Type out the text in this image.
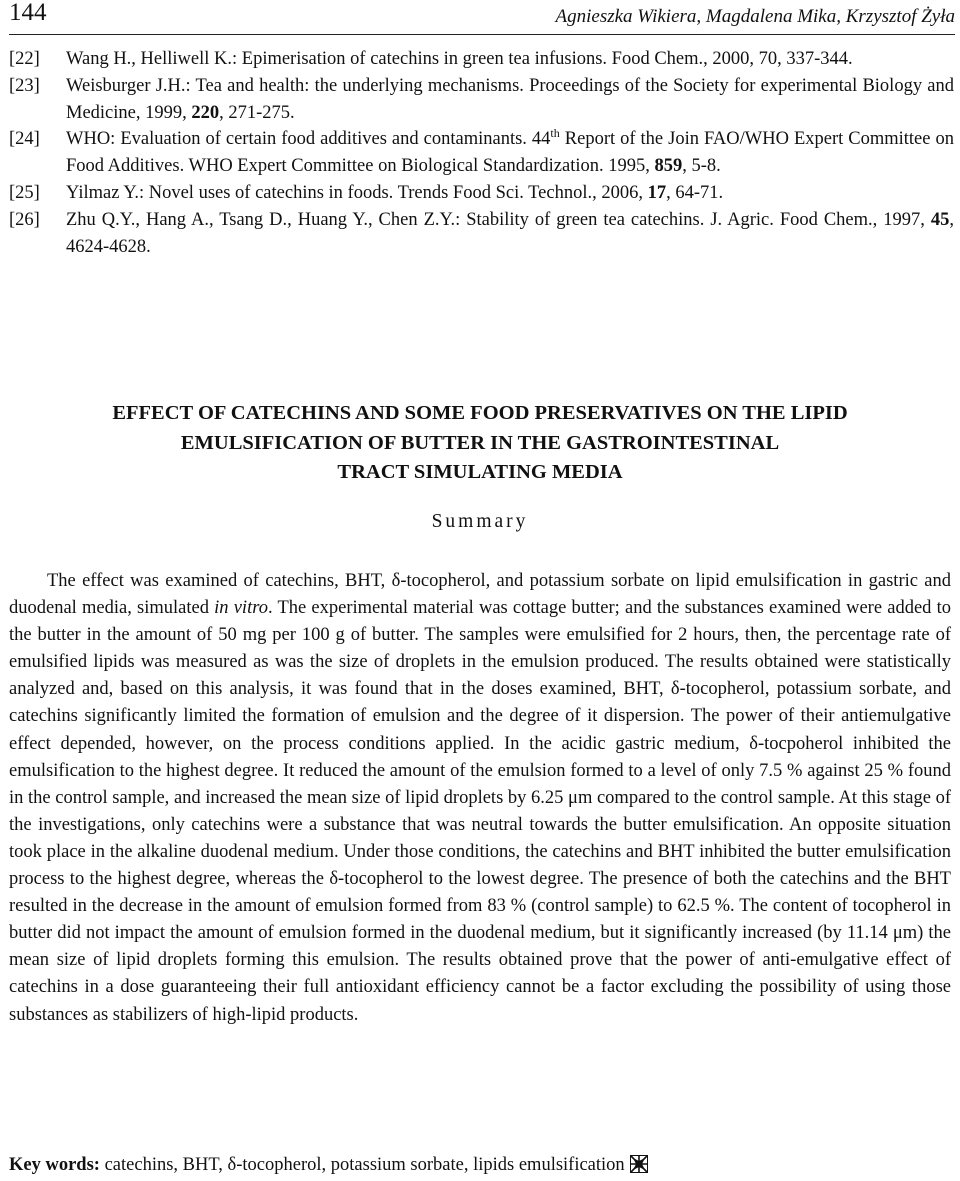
144	Agnieszka Wikiera, Magdalena Mika, Krzysztof Żyła

[22] Wang H., Helliwell K.: Epimerisation of catechins in green tea infusions. Food Chem., 2000, 70, 337-344.

[23] Weisburger J.H.: Tea and health: the underlying mechanisms. Proceedings of the Society for experimental Biology and Medicine, 1999, 220, 271-275.

[24] WHO: Evaluation of certain food additives and contaminants. 44th Report of the Join FAO/WHO Expert Committee on Food Additives. WHO Expert Committee on Biological Standardization. 1995, 859, 5-8.

[25] Yilmaz Y.: Novel uses of catechins in foods. Trends Food Sci. Technol., 2006, 17, 64-71.

[26] Zhu Q.Y., Hang A., Tsang D., Huang Y., Chen Z.Y.: Stability of green tea catechins. J. Agric. Food Chem., 1997, 45, 4624-4628.

EFFECT OF CATECHINS AND SOME FOOD PRESERVATIVES ON THE LIPID
EMULSIFICATION OF BUTTER IN THE GASTROINTESTINAL
TRACT SIMULATING MEDIA
Summary

The effect was examined of catechins, BHT, δ-tocopherol, and potassium sorbate on lipid emulsification in gastric and duodenal media, simulated in vitro. The experimental material was cottage butter; and the substances examined were added to the butter in the amount of 50 mg per 100 g of butter. The samples were emulsified for 2 hours, then, the percentage rate of emulsified lipids was measured as was the size of droplets in the emulsion produced. The results obtained were statistically analyzed and, based on this analysis, it was found that in the doses examined, BHT, δ-tocopherol, potassium sorbate, and catechins significantly limited the formation of emulsion and the degree of it dispersion. The power of their antiemulgative effect depended, however, on the process conditions applied. In the acidic gastric medium, δ-tocpoherol inhibited the emulsification to the highest degree. It reduced the amount of the emulsion formed to a level of only 7.5 % against 25 % found in the control sample, and increased the mean size of lipid droplets by 6.25 μm compared to the control sample. At this stage of the investigations, only catechins were a substance that was neutral towards the butter emulsification. An opposite situation took place in the alkaline duodenal medium. Under those conditions, the catechins and BHT inhibited the butter emulsification process to the highest degree, whereas the δ-tocopherol to the lowest degree. The presence of both the catechins and the BHT resulted in the decrease in the amount of emulsion formed from 83 % (control sample) to 62.5 %. The content of tocopherol in butter did not impact the amount of emulsion formed in the duodenal medium, but it significantly increased (by 11.14 μm) the mean size of lipid droplets forming this emulsion. The results obtained prove that the power of anti-emulgative effect of catechins in a dose guaranteeing their full antioxidant efficiency cannot be a factor excluding the possibility of using those substances as stabilizers of high-lipid products.

Key words: catechins, BHT, δ-tocopherol, potassium sorbate, lipids emulsification
